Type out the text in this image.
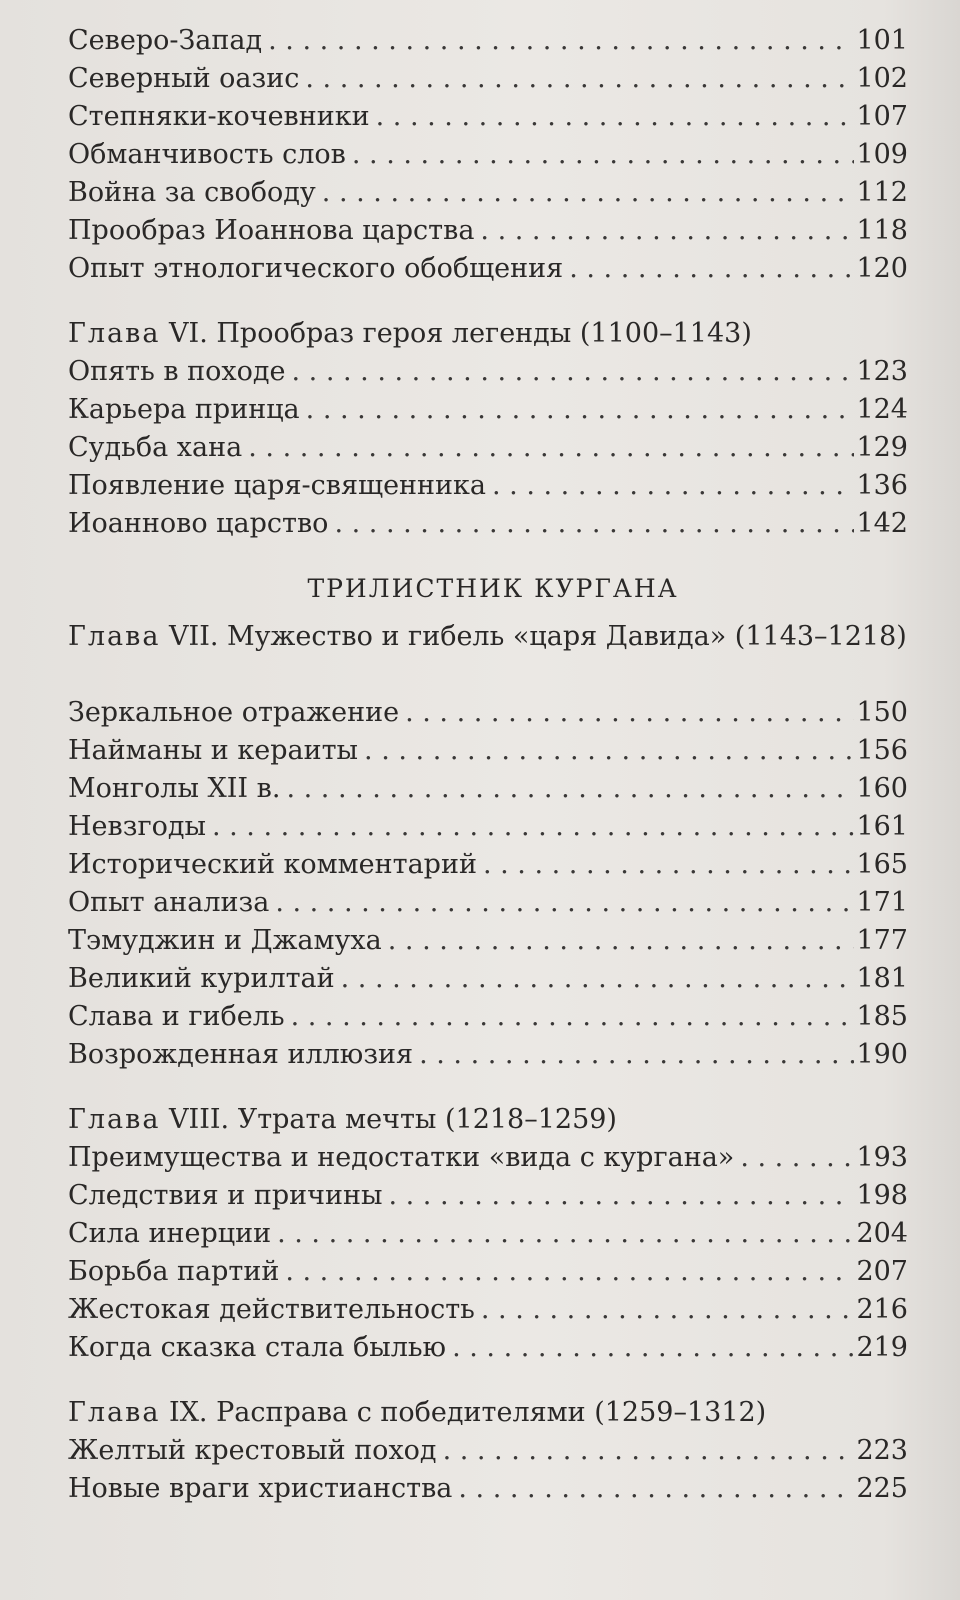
Северо-Запад . . .	101
Северный оазис . . .	102
Степняки-кочевники . . .	107
Обманчивость слов . . .	109
Война за свободу . . .	112
Прообраз Иоаннова царства . . .	118
Опыт этнологического обобщения . . .	120
Глава VI. Прообраз героя легенды (1100–1143)
Опять в походе . . .	123
Карьера принца . . .	124
Судьба хана . . .	129
Появление царя-священника . . .	136
Иоанново царство . . .	142
ТРИЛИСТНИК КУРГАНА
Глава VII. Мужество и гибель «царя Давида» (1143–1218)
Зеркальное отражение . . .	150
Найманы и кераиты . . .	156
Монголы XII в. . . .	160
Невзгоды . . .	161
Исторический комментарий . . .	165
Опыт анализа . . .	171
Тэмуджин и Джамуха . . .	177
Великий курилтай . . .	181
Слава и гибель . . .	185
Возрожденная иллюзия . . .	190
Глава VIII. Утрата мечты (1218–1259)
Преимущества и недостатки «вида с кургана» . . .	193
Следствия и причины . . .	198
Сила инерции . . .	204
Борьба партий . . .	207
Жестокая действительность . . .	216
Когда сказка стала былью . . .	219
Глава IX. Расправа с победителями (1259–1312)
Желтый крестовый поход . . .	223
Новые враги христианства . . .	225
